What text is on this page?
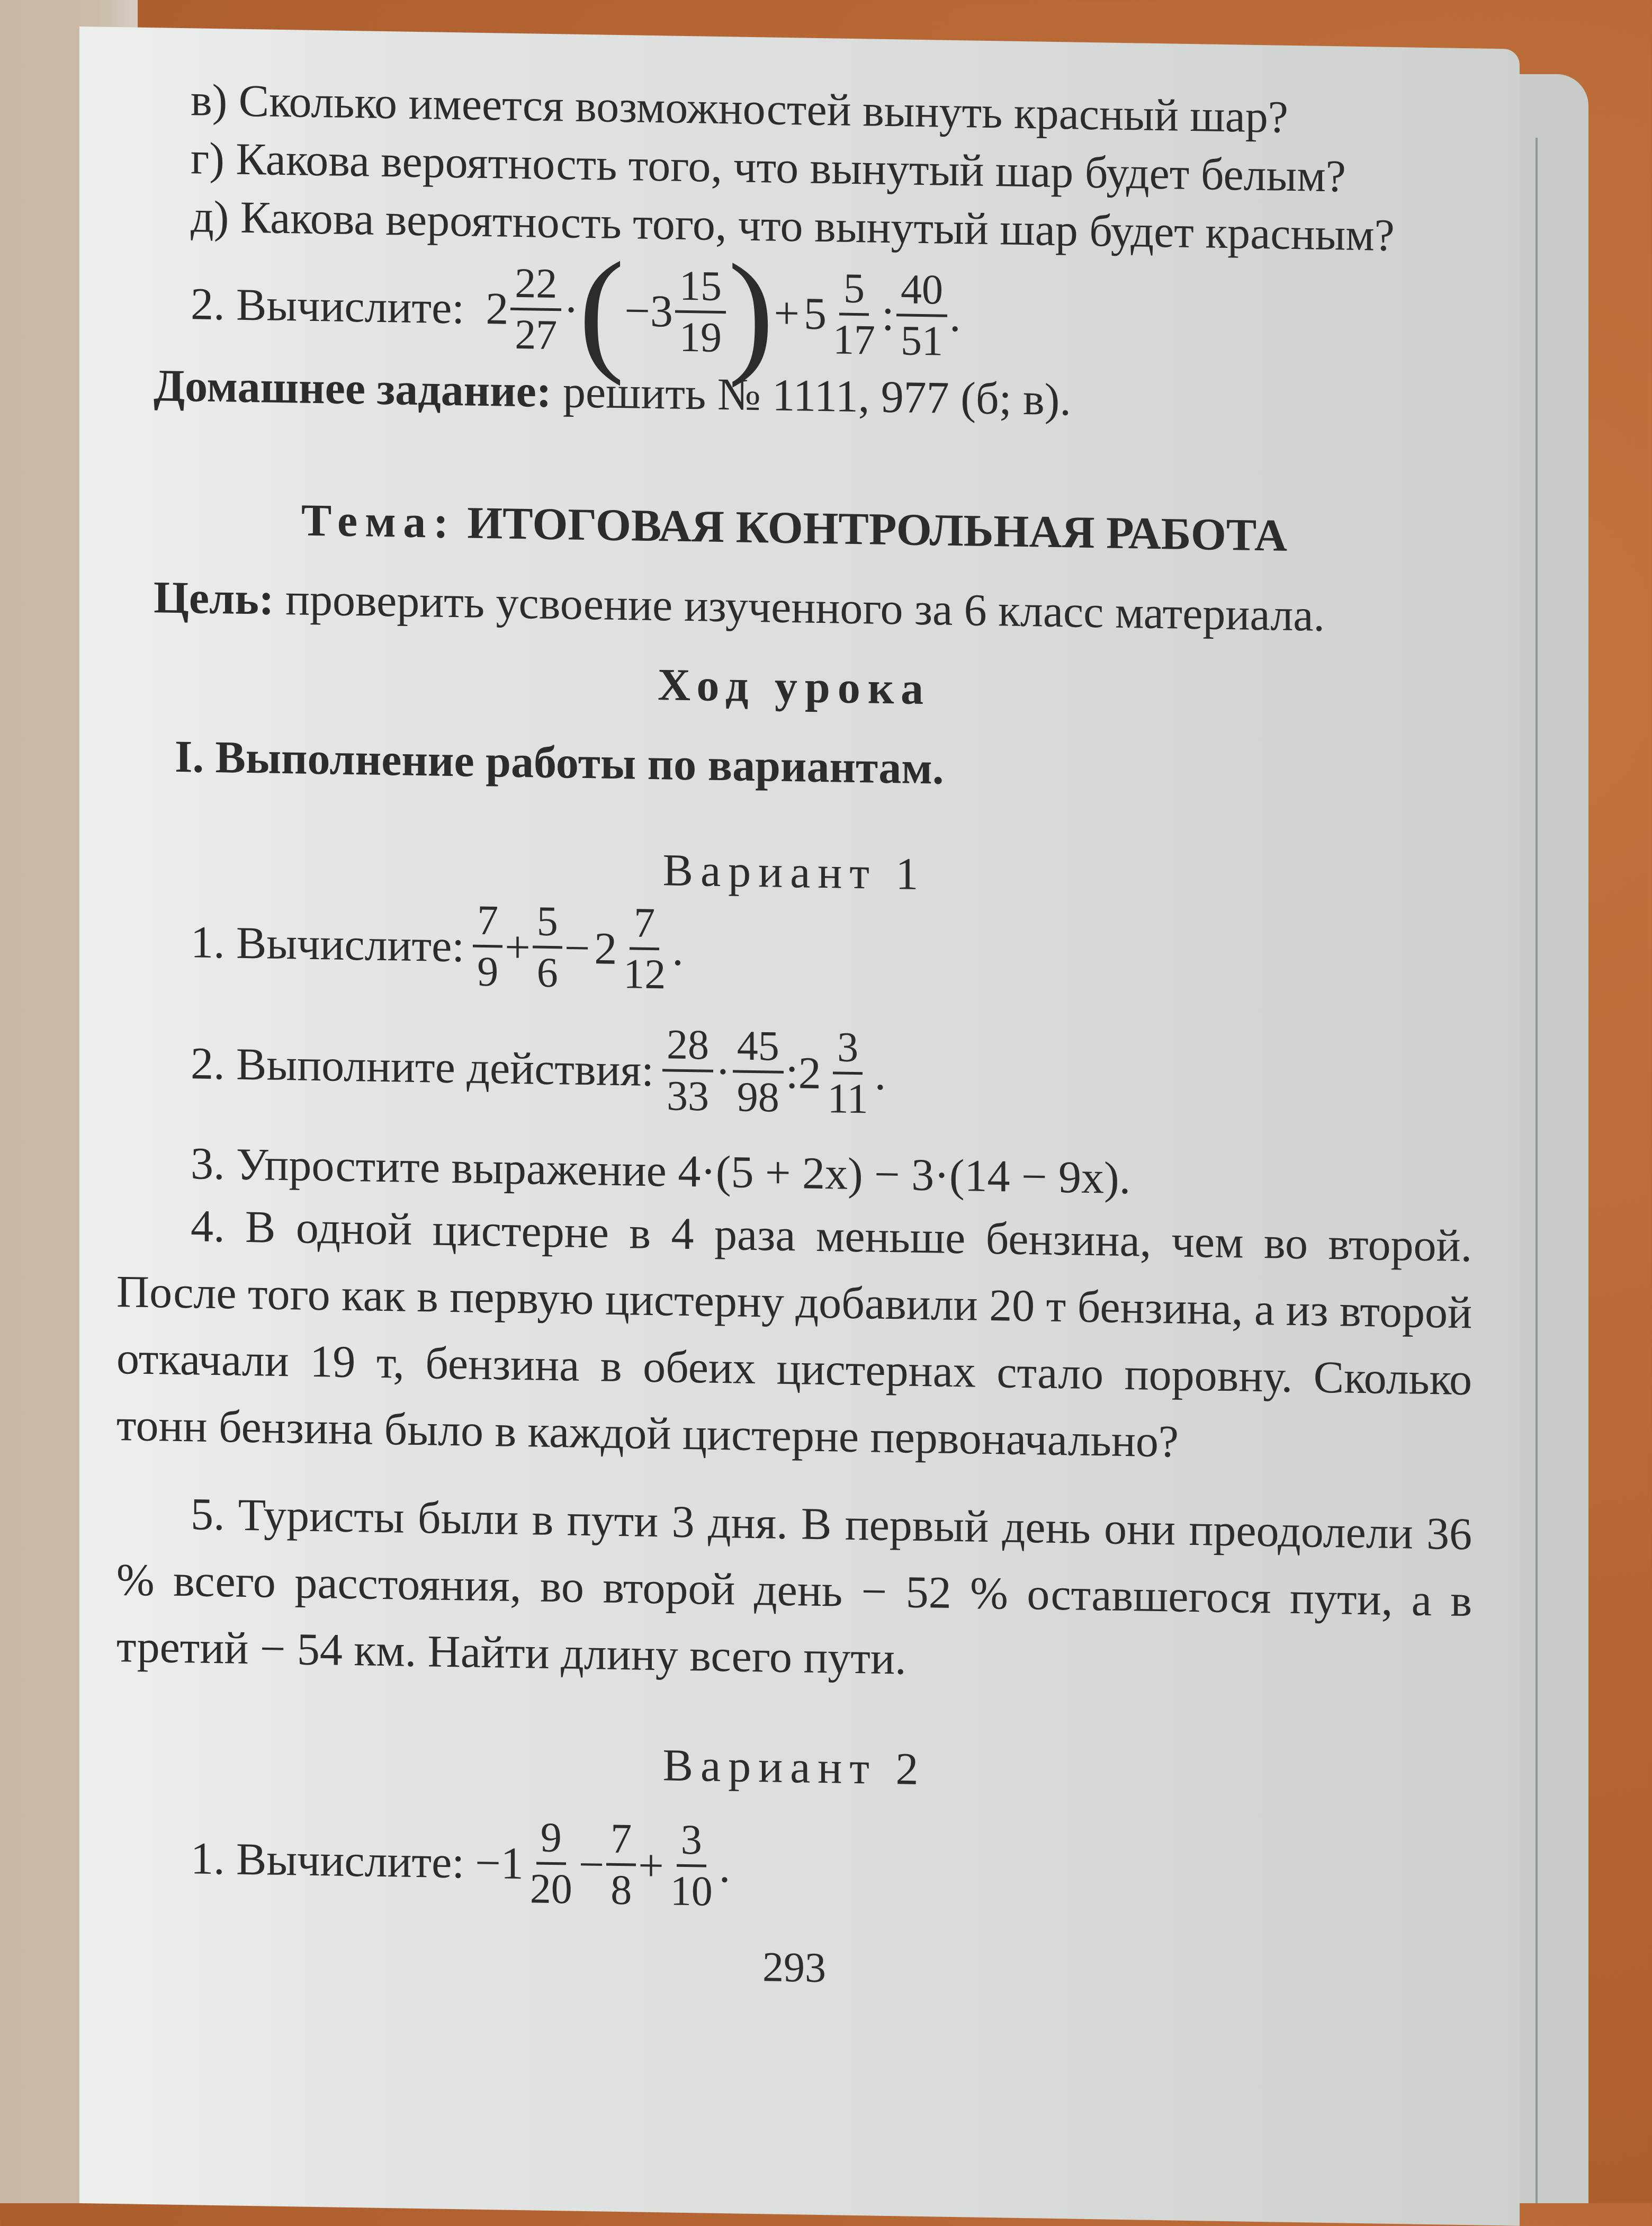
в) Сколько имеется возможностей вынуть красный шар?
г) Какова вероятность того, что вынутый шар будет белым?
д) Какова вероятность того, что вынутый шар будет красным?
2. Вычислите: $2 \frac{22}{27}$ · ( $-3 \frac{15}{19}$ ) + $5 \frac{5}{17}$ : $\frac{40}{51}$ .
Домашнее задание: решить № 1111, 977 (б; в).
Тема: ИТОГОВАЯ КОНТРОЛЬНАЯ РАБОТА
Цель: проверить усвоение изученного за 6 класс материала.
Ход урока
I. Выполнение работы по вариантам.
Вариант 1
1. Вычислите: $\frac{7}{9} + \frac{5}{6} - 2 \frac{7}{12}$ .
2. Выполните действия: $\frac{28}{33} \cdot \frac{45}{98}$ : $2 \frac{3}{11}$ .
3. Упростите выражение 4·(5 + 2x) − 3·(14 − 9x).
4. В одной цистерне в 4 раза меньше бензина, чем во второй. После того как в первую цистерну добавили 20 т бензина, а из второй откачали 19 т, бензина в обеих цистернах стало поровну. Сколько тонн бензина было в каждой цистерне первоначально?
5. Туристы были в пути 3 дня. В первый день они преодолели 36 % всего расстояния, во второй день − 52 % оставшегося пути, а в третий − 54 км. Найти длину всего пути.
Вариант 2
1. Вычислите: $-1 \frac{9}{20} - \frac{7}{8} + \frac{3}{10}$ .
293
